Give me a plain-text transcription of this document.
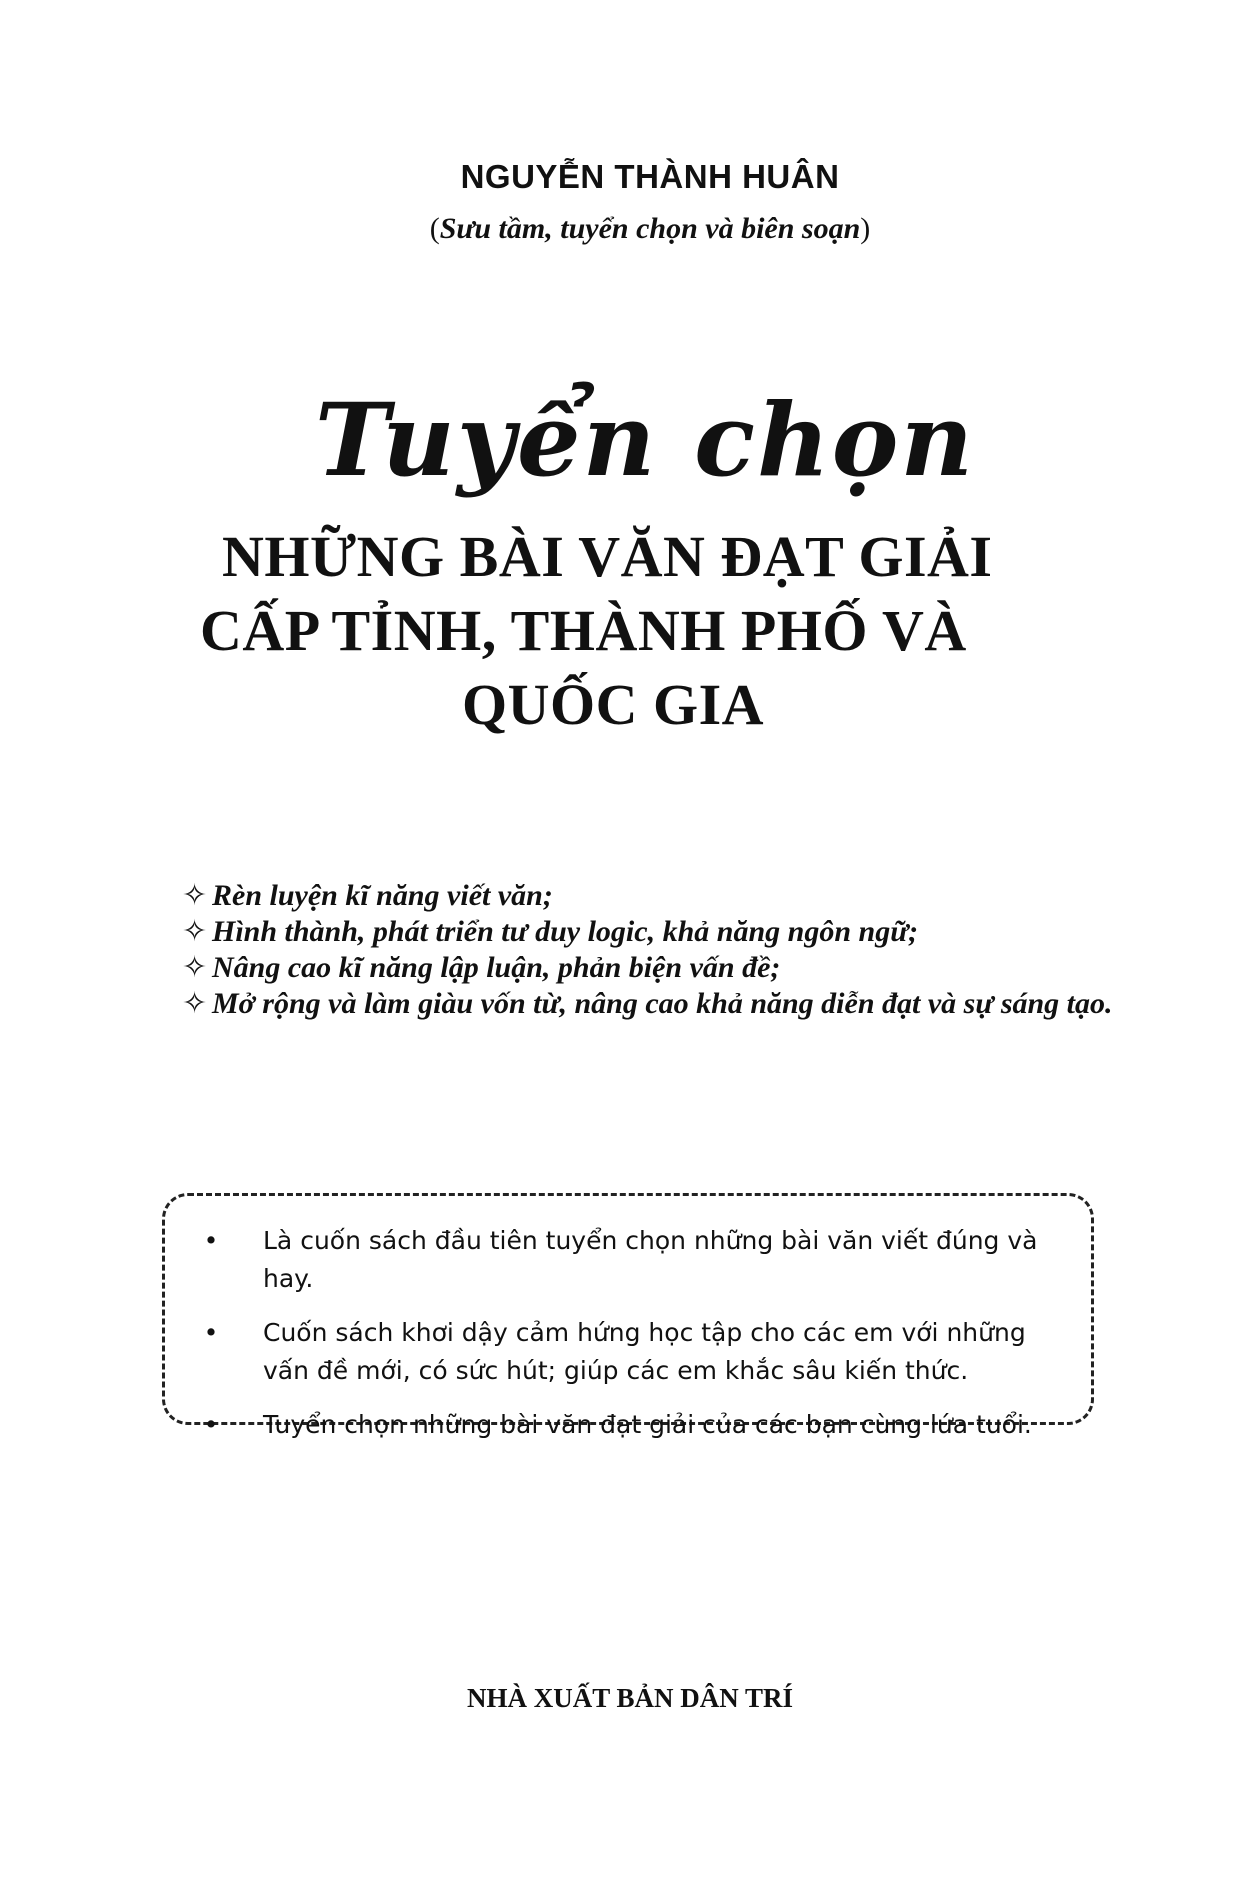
NGUYỄN THÀNH HUÂN
(Sưu tầm, tuyển chọn và biên soạn)
Tuyển chọn
NHỮNG BÀI VĂN ĐẠT GIẢI
CẤP TỈNH, THÀNH PHỐ VÀ
QUỐC GIA
✧ Rèn luyện kĩ năng viết văn;
✧ Hình thành, phát triển tư duy logic, khả năng ngôn ngữ;
✧ Nâng cao kĩ năng lập luận, phản biện vấn đề;
✧ Mở rộng và làm giàu vốn từ, nâng cao khả năng diễn đạt và sự sáng tạo.
• Là cuốn sách đầu tiên tuyển chọn những bài văn viết đúng và hay.
• Cuốn sách khơi dậy cảm hứng học tập cho các em với những vấn đề mới, có sức hút; giúp các em khắc sâu kiến thức.
• Tuyển chọn những bài văn đạt giải của các bạn cùng lứa tuổi.
NHÀ XUẤT BẢN DÂN TRÍ
